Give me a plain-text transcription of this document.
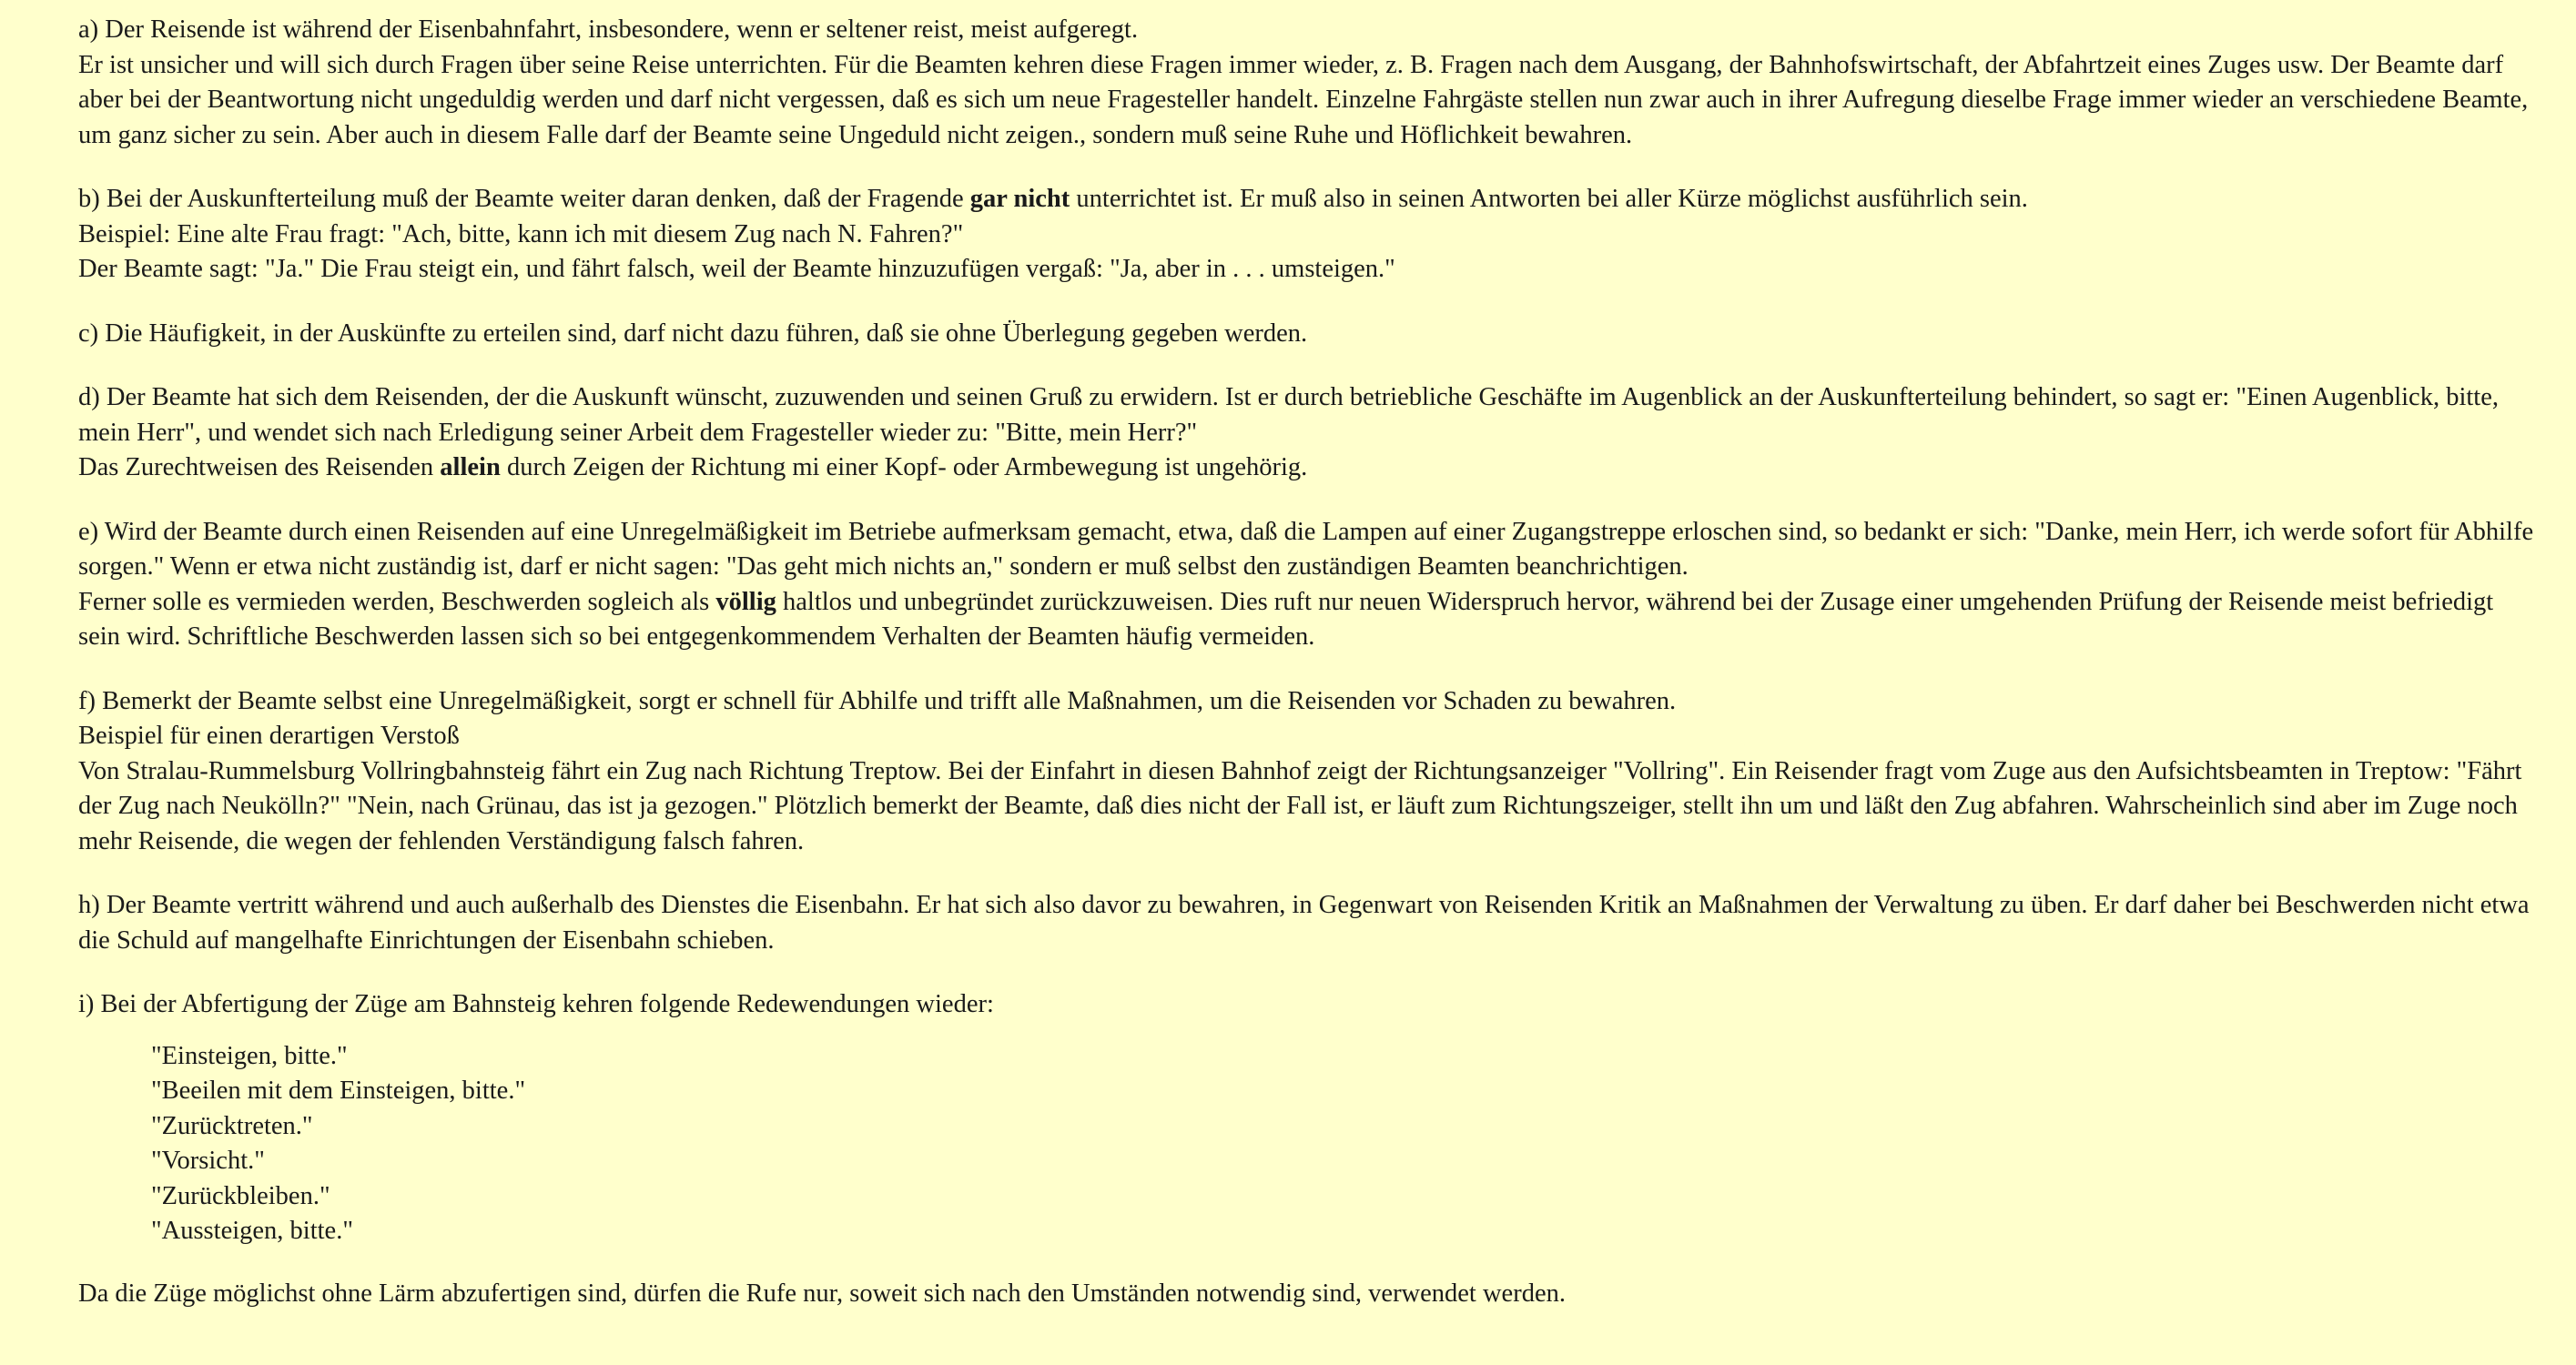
a) Der Reisende ist während der Eisenbahnfahrt, insbesondere, wenn er seltener reist, meist aufgeregt.

Er ist unsicher und will sich durch Fragen über seine Reise unterrichten. Für die Beamten kehren diese Fragen immer wieder, z. B. Fragen nach dem Ausgang, der Bahnhofswirtschaft, der Abfahrtzeit eines Zuges usw. Der Beamte darf aber bei der Beantwortung nicht ungeduldig werden und darf nicht vergessen, daß es sich um neue Fragesteller handelt. Einzelne Fahrgäste stellen nun zwar auch in ihrer Aufregung dieselbe Frage immer wieder an verschiedene Beamte, um ganz sicher zu sein. Aber auch in diesem Falle darf der Beamte seine Ungeduld nicht zeigen., sondern muß seine Ruhe und Höflichkeit bewahren.

b) Bei der Auskunfterteilung muß der Beamte weiter daran denken, daß der Fragende gar nicht unterrichtet ist. Er muß also in seinen Antworten bei aller Kürze möglichst ausführlich sein.

Beispiel: Eine alte Frau fragt: "Ach, bitte, kann ich mit diesem Zug nach N. Fahren?"

Der Beamte sagt: "Ja." Die Frau steigt ein, und fährt falsch, weil der Beamte hinzuzufügen vergaß: "Ja, aber in . . . umsteigen."

c) Die Häufigkeit, in der Auskünfte zu erteilen sind, darf nicht dazu führen, daß sie ohne Überlegung gegeben werden.

d) Der Beamte hat sich dem Reisenden, der die Auskunft wünscht, zuzuwenden und seinen Gruß zu erwidern. Ist er durch betriebliche Geschäfte im Augenblick an der Auskunfterteilung behindert, so sagt er: "Einen Augenblick, bitte, mein Herr", und wendet sich nach Erledigung seiner Arbeit dem Fragesteller wieder zu: "Bitte, mein Herr?"

Das Zurechtweisen des Reisenden allein durch Zeigen der Richtung mi einer Kopf- oder Armbewegung ist ungehörig.

e) Wird der Beamte durch einen Reisenden auf eine Unregelmäßigkeit im Betriebe aufmerksam gemacht, etwa, daß die Lampen auf einer Zugangstreppe erloschen sind, so bedankt er sich: "Danke, mein Herr, ich werde sofort für Abhilfe sorgen." Wenn er etwa nicht zuständig ist, darf er nicht sagen: "Das geht mich nichts an," sondern er muß selbst den zuständigen Beamten beanchrichtigen.

Ferner solle es vermieden werden, Beschwerden sogleich als völlig haltlos und unbegründet zurückzuweisen. Dies ruft nur neuen Widerspruch hervor, während bei der Zusage einer umgehenden Prüfung der Reisende meist befriedigt sein wird. Schriftliche Beschwerden lassen sich so bei entgegenkommendem Verhalten der Beamten häufig vermeiden.

f) Bemerkt der Beamte selbst eine Unregelmäßigkeit, sorgt er schnell für Abhilfe und trifft alle Maßnahmen, um die Reisenden vor Schaden zu bewahren.

Beispiel für einen derartigen Verstoß

Von Stralau-Rummelsburg Vollringbahnsteig fährt ein Zug nach Richtung Treptow. Bei der Einfahrt in diesen Bahnhof zeigt der Richtungsanzeiger "Vollring". Ein Reisender fragt vom Zuge aus den Aufsichtsbeamten in Treptow: "Fährt der Zug nach Neukölln?" "Nein, nach Grünau, das ist ja gezogen." Plötzlich bemerkt der Beamte, daß dies nicht der Fall ist, er läuft zum Richtungszeiger, stellt ihn um und läßt den Zug abfahren. Wahrscheinlich sind aber im Zuge noch mehr Reisende, die wegen der fehlenden Verständigung falsch fahren.

h) Der Beamte vertritt während und auch außerhalb des Dienstes die Eisenbahn. Er hat sich also davor zu bewahren, in Gegenwart von Reisenden Kritik an Maßnahmen der Verwaltung zu üben. Er darf daher bei Beschwerden nicht etwa die Schuld auf mangelhafte Einrichtungen der Eisenbahn schieben.

i) Bei der Abfertigung der Züge am Bahnsteig kehren folgende Redewendungen wieder:

"Einsteigen, bitte."

"Beeilen mit dem Einsteigen, bitte."

"Zurücktreten."

"Vorsicht."

"Zurückbleiben."

"Aussteigen, bitte."

Da die Züge möglichst ohne Lärm abzufertigen sind, dürfen die Rufe nur, soweit sich nach den Umständen notwendig sind, verwendet werden.
